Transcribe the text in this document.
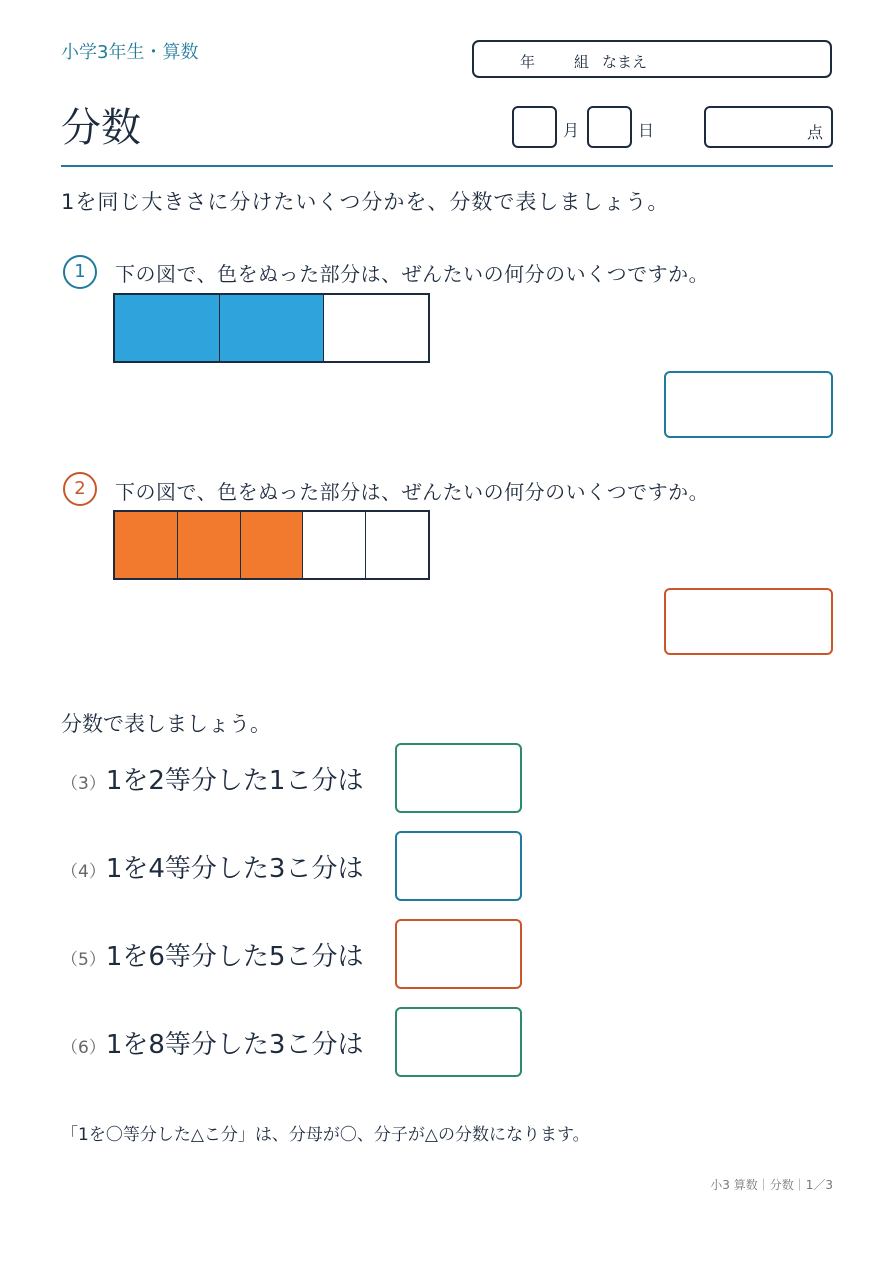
小学3年生・算数	年	組 なまえ
分数	月	日	点
1を同じ大きさに分けたいくつ分かを、分数で表しましょう。
1	下の図で、色をぬった部分は、ぜんたいの何分のいくつですか。
2	下の図で、色をぬった部分は、ぜんたいの何分のいくつですか。
分数で表しましょう。
（3）1を2等分した1こ分は
（4）1を4等分した3こ分は
（5）1を6等分した5こ分は
（6）1を8等分した3こ分は
「1を〇等分した△こ分」は、分母が〇、分子が△の分数になります。
小3 算数｜分数｜1／3
